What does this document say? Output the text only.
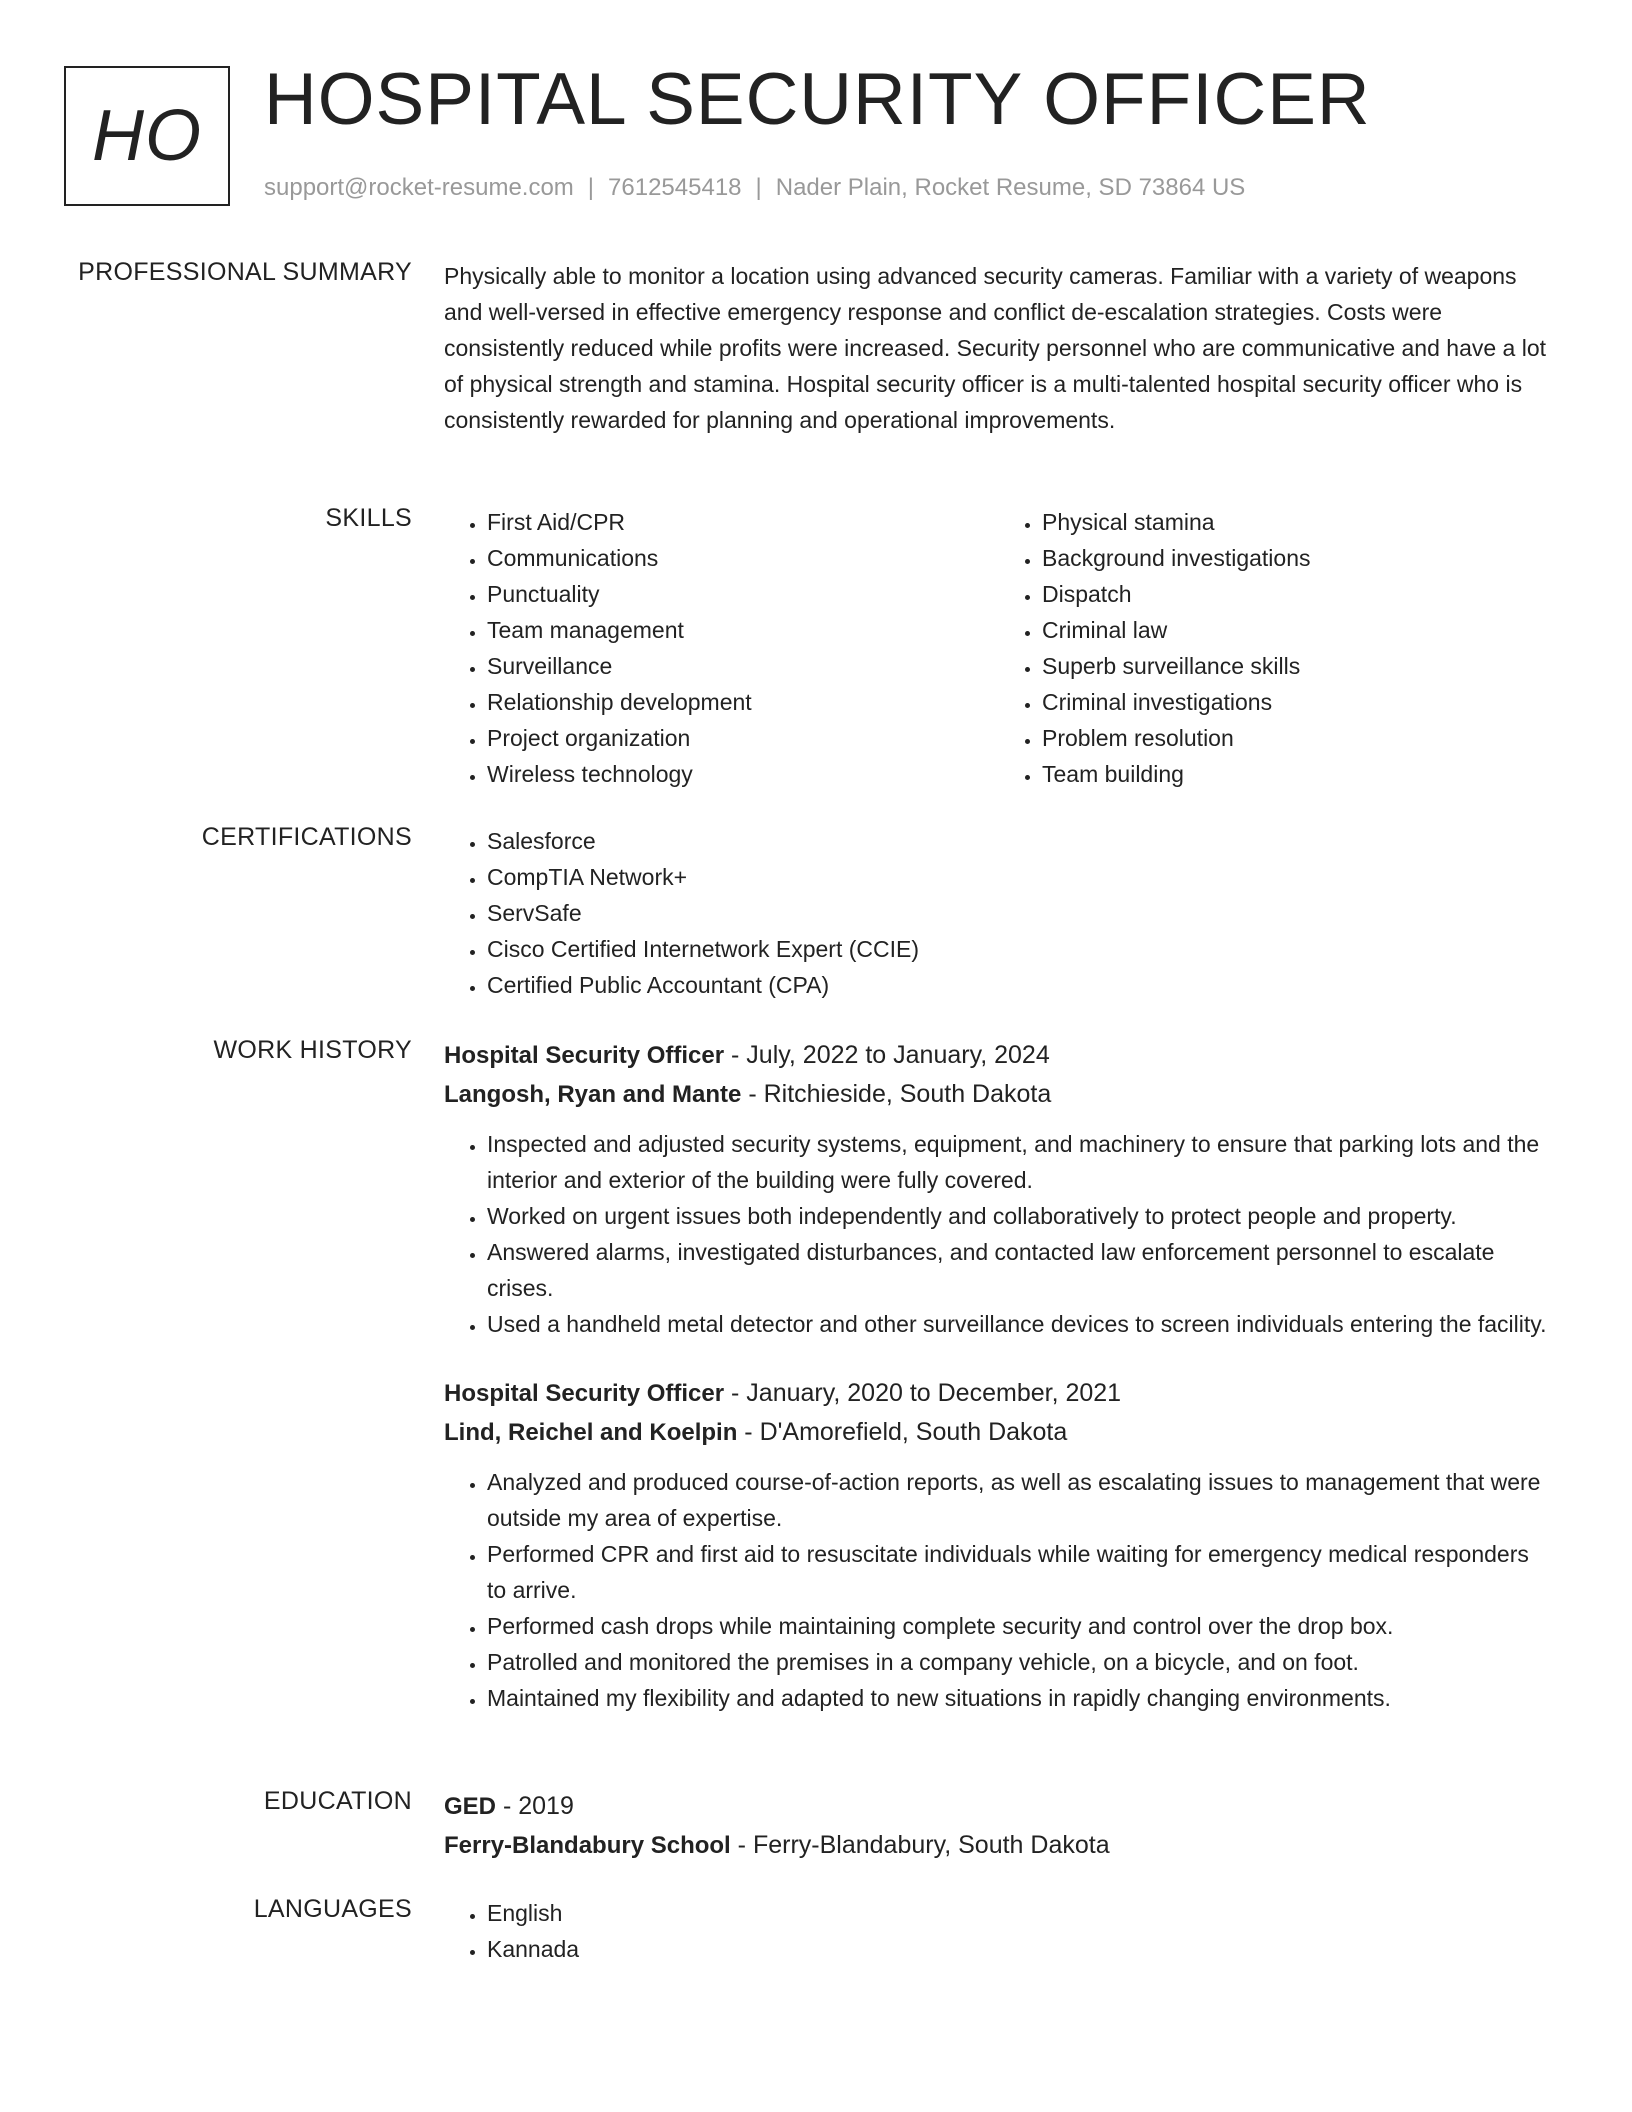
HO HOSPITAL SECURITY OFFICER
support@rocket-resume.com | 7612545418 | Nader Plain, Rocket Resume, SD 73864 US
PROFESSIONAL SUMMARY Physically able to monitor a location using advanced security cameras. Familiar with a variety of weapons and well-versed in effective emergency response and conflict de-escalation strategies. Costs were consistently reduced while profits were increased. Security personnel who are communicative and have a lot of physical strength and stamina. Hospital security officer is a multi-talented hospital security officer who is consistently rewarded for planning and operational improvements.
SKILLS	• First Aid/CPR
• Communications
• Punctuality
• Team management
• Surveillance
• Relationship development
• Project organization
• Wireless technology
• Physical stamina
• Background investigations
• Dispatch
• Criminal law
• Superb surveillance skills
• Criminal investigations
• Problem resolution
• Team building
CERTIFICATIONS	• Salesforce
• CompTIA Network+
• ServSafe
• Cisco Certified Internetwork Expert (CCIE)
• Certified Public Accountant (CPA)
WORK HISTORY Hospital Security Officer - July, 2022 to January, 2024
Langosh, Ryan and Mante - Ritchieside, South Dakota
• Inspected and adjusted security systems, equipment, and machinery to ensure that parking lots and the interior and exterior of the building were fully covered.
• Worked on urgent issues both independently and collaboratively to protect people and property.
• Answered alarms, investigated disturbances, and contacted law enforcement personnel to escalate crises.
• Used a handheld metal detector and other surveillance devices to screen individuals entering the facility.
Hospital Security Officer - January, 2020 to December, 2021
Lind, Reichel and Koelpin - D'Amorefield, South Dakota
• Analyzed and produced course-of-action reports, as well as escalating issues to management that were outside my area of expertise.
• Performed CPR and first aid to resuscitate individuals while waiting for emergency medical responders to arrive.
• Performed cash drops while maintaining complete security and control over the drop box.
• Patrolled and monitored the premises in a company vehicle, on a bicycle, and on foot.
• Maintained my flexibility and adapted to new situations in rapidly changing environments.
EDUCATION GED - 2019
Ferry-Blandabury School - Ferry-Blandabury, South Dakota
LANGUAGES	• English
• Kannada
